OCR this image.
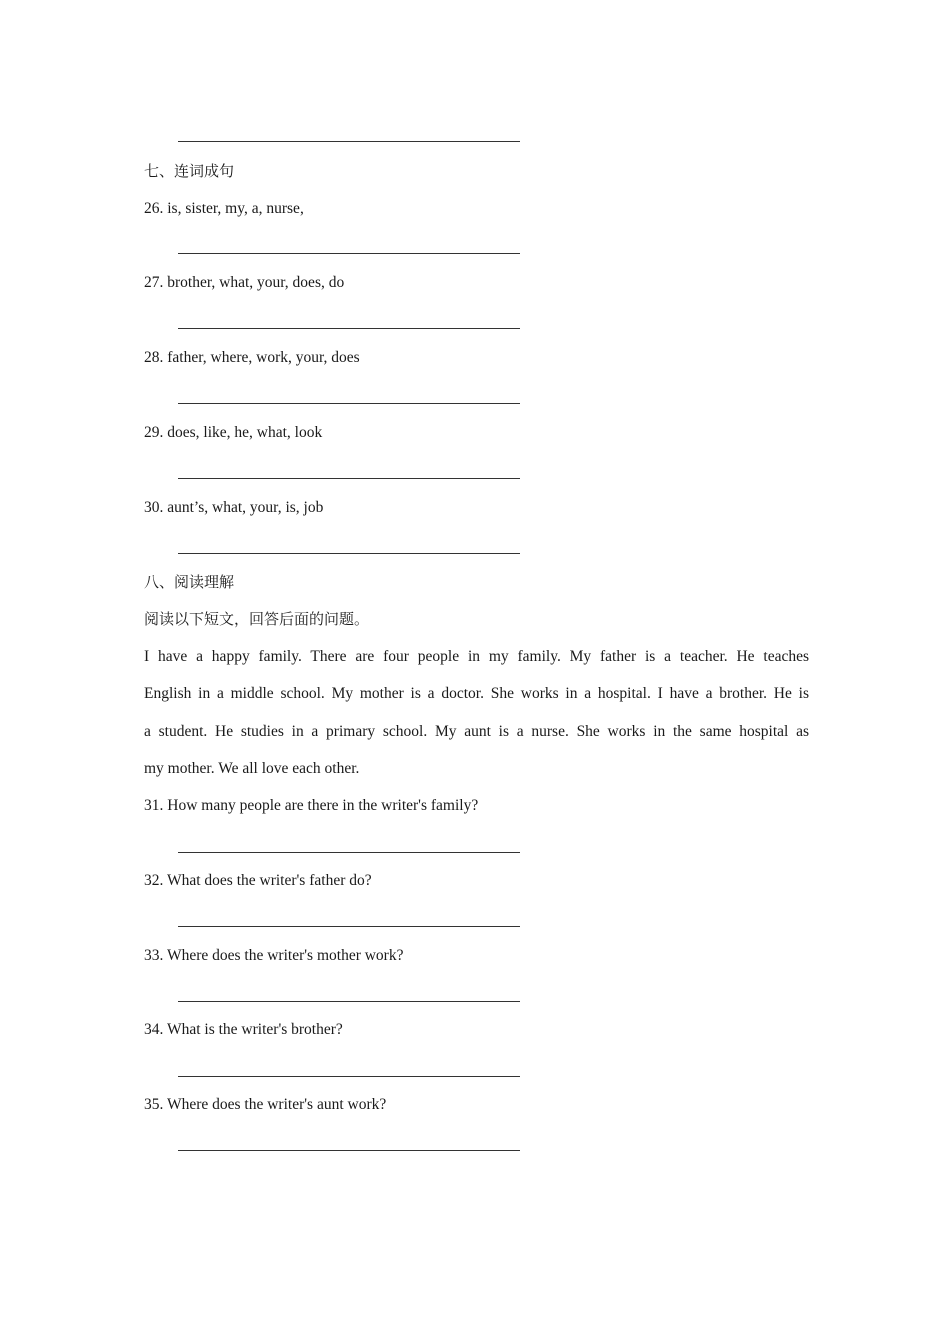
七、连词成句
26. is, sister, my, a, nurse,
27. brother, what, your, does, do
28. father, where, work, your, does
29. does, like, he, what, look
30. aunt’s, what, your, is, job
八、阅读理解
阅读以下短文，回答后面的问题。
I have a happy family. There are four people in my family. My father is a teacher. He teaches
English in a middle school. My mother is a doctor. She works in a hospital. I have a brother. He is
a student. He studies in a primary school. My aunt is a nurse. She works in the same hospital as
my mother. We all love each other.
31. How many people are there in the writer's family?
32. What does the writer's father do?
33. Where does the writer's mother work?
34. What is the writer's brother?
35. Where does the writer's aunt work?
